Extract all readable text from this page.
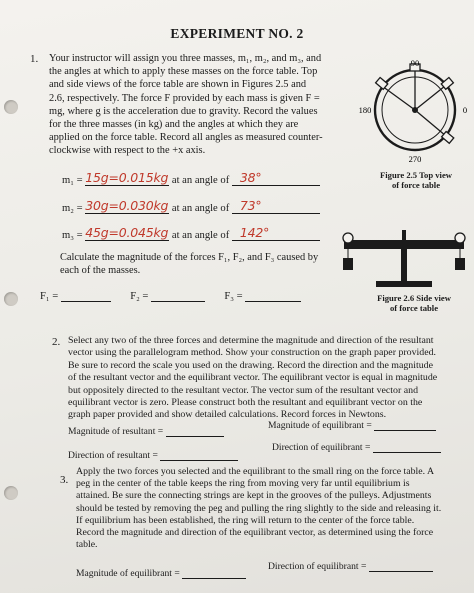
EXPERIMENT NO. 2
1. Your instructor will assign you three masses, m₁, m₂, and m₃, and
the angles at which to apply these masses on the force table. Top
and side views of the force table are shown in Figures 2.5 and
2.6, respectively. The force F provided by each mass is given F =
mg, where g is the acceleration due to gravity. Record the values
for the three masses (in kg) and the angles at which they are
applied on the force table. Record all angles as measured counter-
clockwise with respect to the +x axis.
90
180	0
270
Figure 2.5 Top view
of force table
m₁ = 15g=0.015kg at an angle of 38°
m₂ = 30g=0.030kg at an angle of 73°
m₃ = 45g=0.045kg at an angle of 142°
Figure 2.6 Side view
of force table
Calculate the magnitude of the forces F₁, F₂, and F₃ caused by
each of the masses.
F₁ =	F₂ =	F₃ =
2. Select any two of the three forces and determine the magnitude and direction of the resultant
vector using the parallelogram method. Show your construction on the graph paper provided.
Be sure to record the scale you used on the drawing. Record the direction and the magnitude
of the resultant vector and the equilibrant vector. The equilibrant vector is equal in magnitude
but oppositely directed to the resultant vector. The vector sum of the resultant vector and
equilibrant vector is zero. Please construct both the resultant and equilibrant vector on the
graph paper provided and show detailed calculations. Record forces in Newtons.
Magnitude of resultant =
Magnitude of equilibrant =
Direction of resultant =
Direction of equilibrant =
3.
Apply the two forces you selected and the equilibrant to the small ring on the force table. A
peg in the center of the table keeps the ring from moving very far until equilibrium is
attained. Be sure the connecting strings are kept in the grooves of the pulleys. Adjustments
should be tested by removing the peg and pulling the ring slightly to the side and releasing it.
If equilibrium has been established, the ring will return to the center of the force table.
Record the magnitude and direction of the equilibrant vector, as determined using the force
table.
Magnitude of equilibrant =
Direction of equilibrant =
